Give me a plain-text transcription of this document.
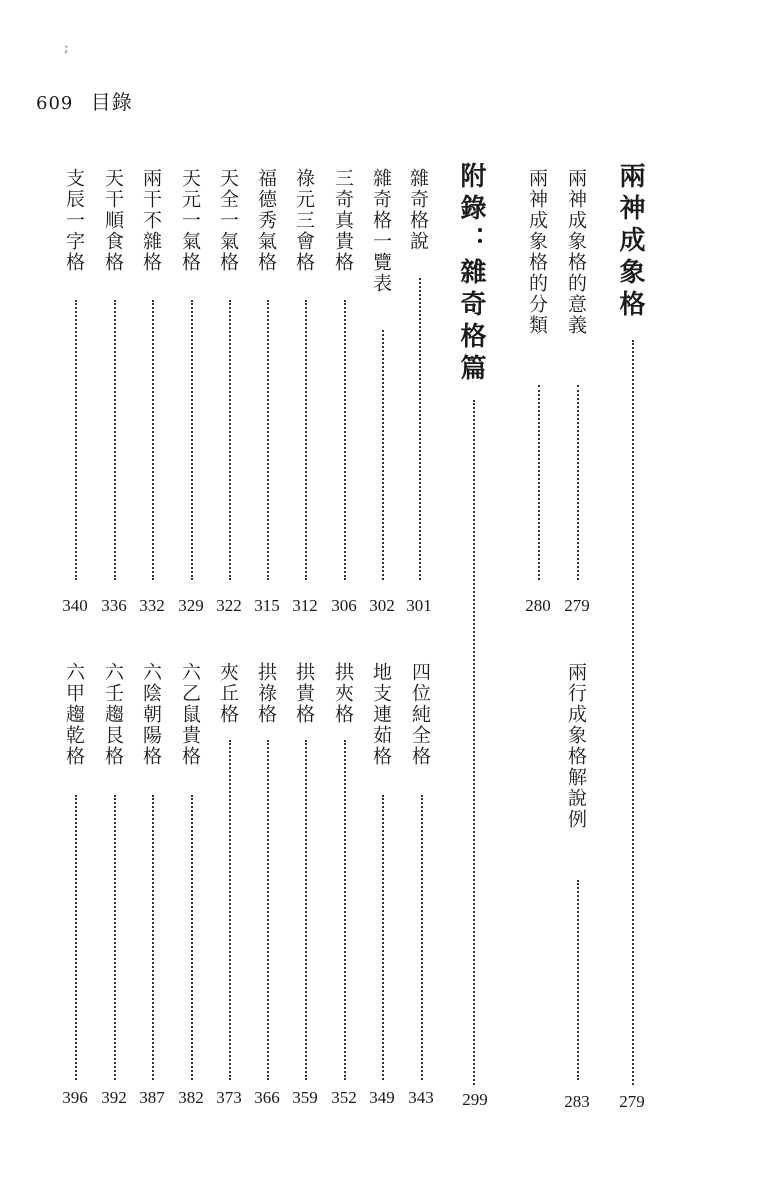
;
609 目錄
兩神成象格
兩神成象格的意義
279
兩神成象格的分類
280
附錄：雜奇格篇
雜奇格說
301
雜奇格一覽表
302
三奇真貴格
306
祿元三會格
312
福德秀氣格
315
天全一氣格
322
天元一氣格
329
兩干不雜格
332
天干順食格
336
支辰一字格
340
兩行成象格解說例
283	279
299
四位純全格
343
地支連茹格
349
拱夾格
352
拱貴格
359
拱祿格
366
夾丘格
373
六乙鼠貴格
382
六陰朝陽格
387
六壬趨艮格
392
六甲趨乾格
396
